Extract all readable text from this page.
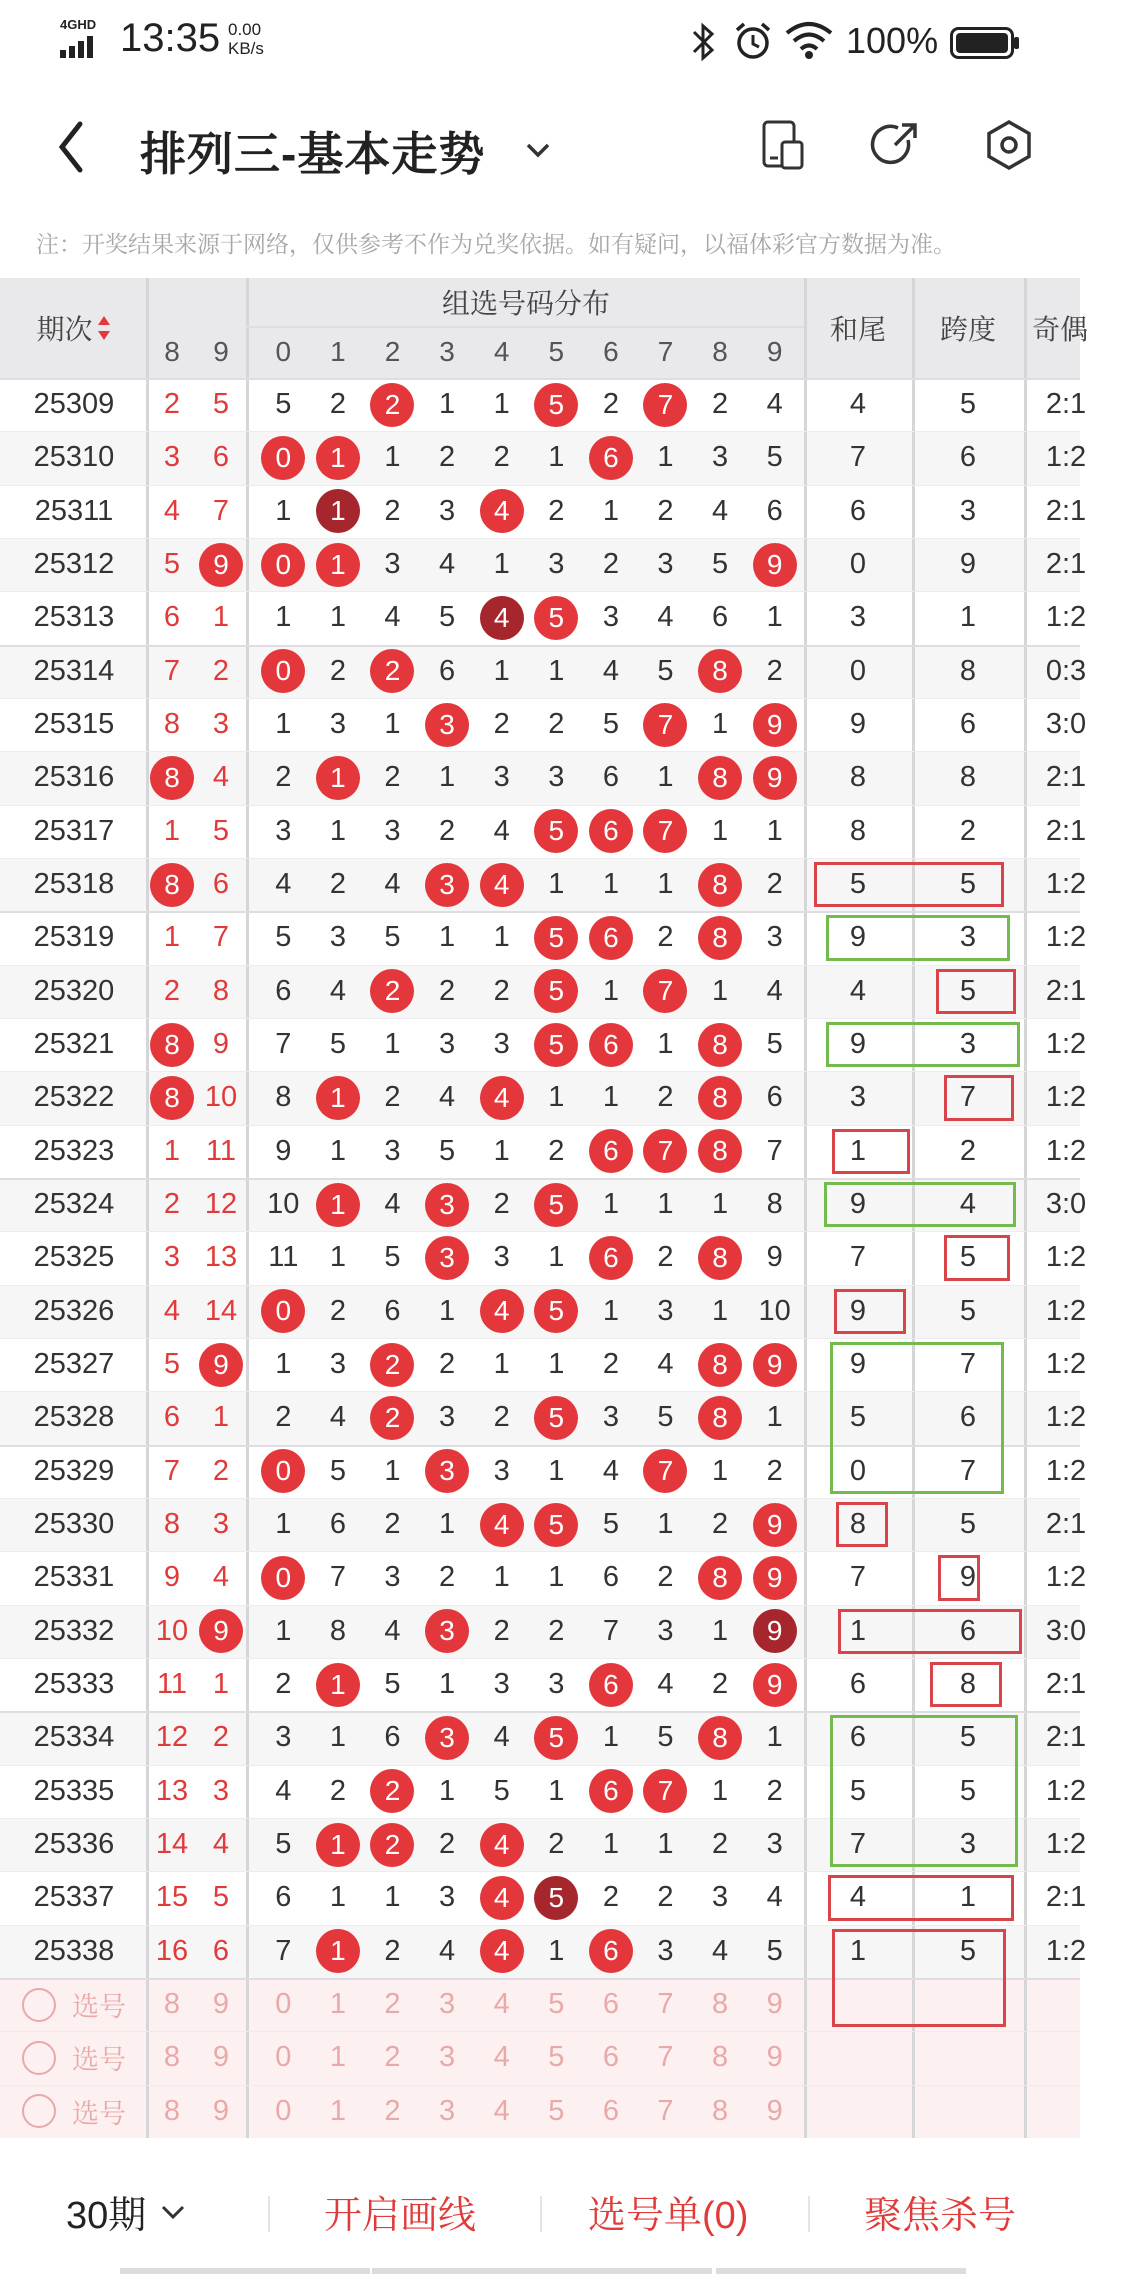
4GHD 13:35 0.00
KB/s	100%
排列三-基本走势
注：开奖结果来源于网络，仅供参考不作为兑奖依据。如有疑问，以福体彩官方数据为准。
期次
组选号码分布
和尾	跨度	奇偶
8	9	0	1	2	3	4	5	6	7	8	9
25309	2	5	5	2	2	1	1	5	2	7	2	4	4	5	2:1
25310	3	6	0	1	1	2	2	1	6	1	3	5	7	6	1:2
25311	4	7	1	1	2	3	4	2	1	2	4	6	6	3	2:1
25312	5	9	0	1	3	4	1	3	2	3	5	9	0	9	2:1
25313	6	1	1	1	4	5	4	5	3	4	6	1	3	1	1:2
25314	7	2	0	2	2	6	1	1	4	5	8	2	0	8	0:3
25315	8	3	1	3	1	3	2	2	5	7	1	9	9	6	3:0
25316	8	4	2	1	2	1	3	3	6	1	8	9	8	8	2:1
25317	1	5	3	1	3	2	4	5	6	7	1	1	8	2	2:1
25318	8	6	4	2	4	3	4	1	1	1	8	2	5	5	1:2
25319	1	7	5	3	5	1	1	5	6	2	8	3	9	3	1:2
25320	2	8	6	4	2	2	2	5	1	7	1	4	4	5	2:1
25321	8	9	7	5	1	3	3	5	6	1	8	5	9	3	1:2
25322	8 10	8	1	2	4	4	1	1	2	8	6	3	7	1:2
25323	1 11	9	1	3	5	1	2	6	7	8	7	1	2	1:2
25324	2 12	10	1	4	3	2	5	1	1	1	8	9	4	3:0
25325	3 13	11	1	5	3	3	1	6	2	8	9	7	5	1:2
25326	4 14	0	2	6	1	4	5	1	3	1	10	9	5	1:2
25327	5	9	1	3	2	2	1	1	2	4	8	9	9	7	1:2
25328	6	1	2	4	2	3	2	5	3	5	8	1	5	6	1:2
25329	7	2	0	5	1	3	3	1	4	7	1	2	0	7	1:2
25330	8	3	1	6	2	1	4	5	5	1	2	9	8	5	2:1
25331	9	4	0	7	3	2	1	1	6	2	8	9	7	9	1:2
25332	10 9	1	8	4	3	2	2	7	3	1	9	1	6	3:0
25333	11 1	2	1	5	1	3	3	6	4	2	9	6	8	2:1
25334	12 2	3	1	6	3	4	5	1	5	8	1	6	5	2:1
25335	13 3	4	2	2	1	5	1	6	7	1	2	5	5	1:2
25336	14 4	5	1	2	2	4	2	1	1	2	3	7	3	1:2
25337	15 5	6	1	1	3	4	5	2	2	3	4	4	1	2:1
25338	16 6	7	1	2	4	4	1	6	3	4	5	1	5	1:2
选号	8	9	0	1	2	3	4	5	6	7	8	9
选号	8	9	0	1	2	3	4	5	6	7	8	9
选号	8	9	0	1	2	3	4	5	6	7	8	9
30期	开启画线	选号单(0)	聚焦杀号
